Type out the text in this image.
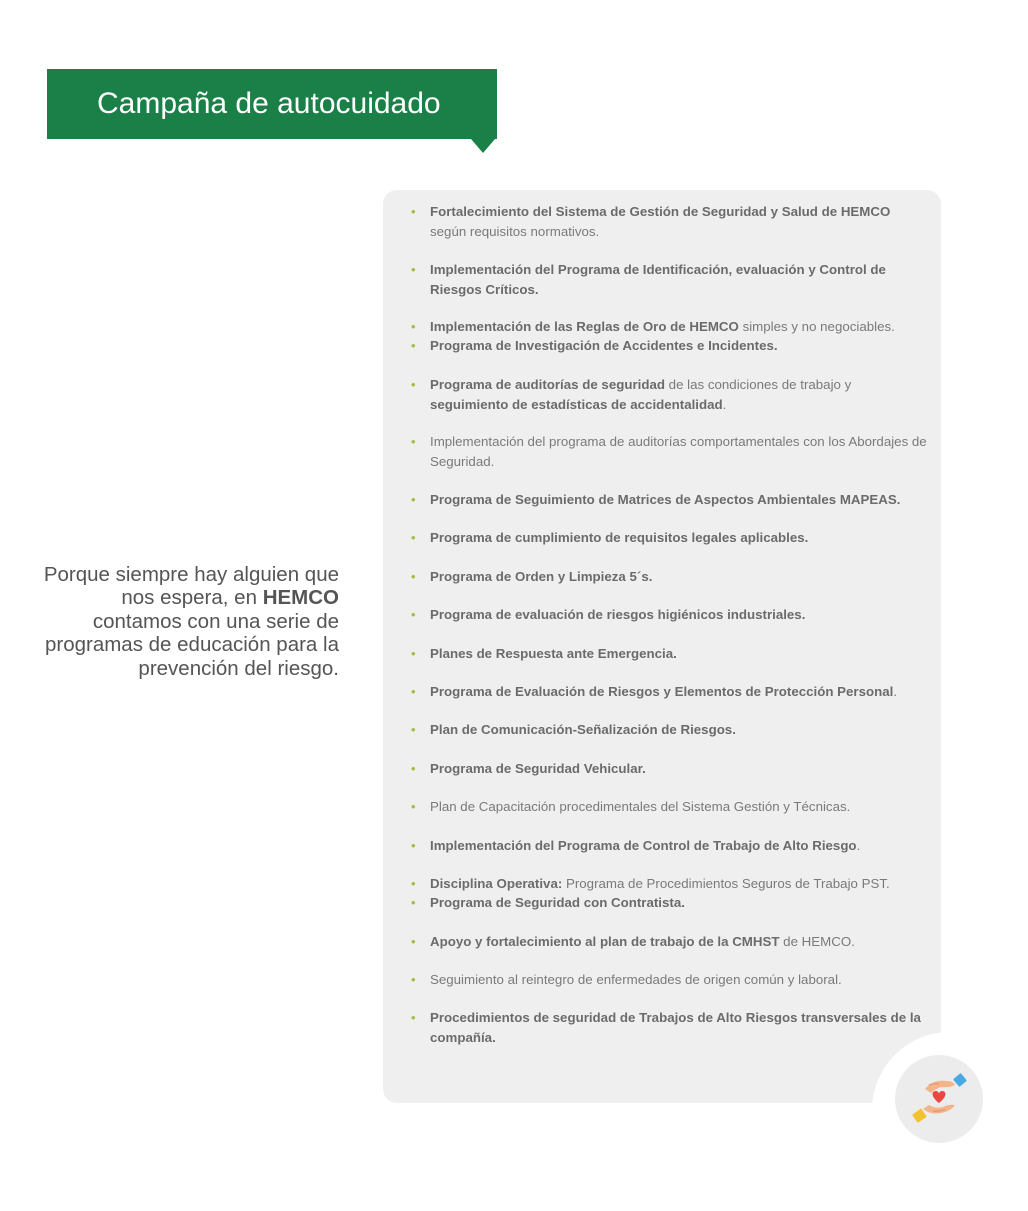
Campaña de autocuidado

Porque siempre hay alguien que nos espera, en HEMCO contamos con una serie de programas de educación para la prevención del riesgo.

• Fortalecimiento del Sistema de Gestión de Seguridad y Salud de HEMCO según requisitos normativos.
• Implementación del Programa de Identificación, evaluación y Control de Riesgos Críticos.
• Implementación de las Reglas de Oro de HEMCO simples y no negociables.
• Programa de Investigación de Accidentes e Incidentes.
• Programa de auditorías de seguridad de las condiciones de trabajo y seguimiento de estadísticas de accidentalidad.
• Implementación del programa de auditorías comportamentales con los Abordajes de Seguridad.
• Programa de Seguimiento de Matrices de Aspectos Ambientales MAPEAS.
• Programa de cumplimiento de requisitos legales aplicables.
• Programa de Orden y Limpieza 5´s.
• Programa de evaluación de riesgos higiénicos industriales.
• Planes de Respuesta ante Emergencia.
• Programa de Evaluación de Riesgos y Elementos de Protección Personal.
• Plan de Comunicación-Señalización de Riesgos.
• Programa de Seguridad Vehicular.
• Plan de Capacitación procedimentales del Sistema Gestión y Técnicas.
• Implementación del Programa de Control de Trabajo de Alto Riesgo.
• Disciplina Operativa: Programa de Procedimientos Seguros de Trabajo PST.
• Programa de Seguridad con Contratista.
• Apoyo y fortalecimiento al plan de trabajo de la CMHST de HEMCO.
• Seguimiento al reintegro de enfermedades de origen común y laboral.
• Procedimientos de seguridad de Trabajos de Alto Riesgos transversales de la compañía.
